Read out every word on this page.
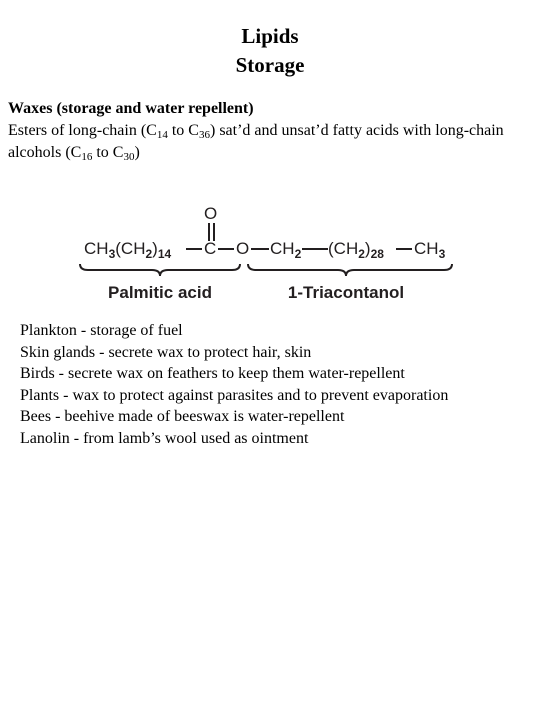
Lipids
Storage
Waxes (storage and water repellent)
Esters of long-chain ($C_{14}$ to $C_{36}$) sat’d and unsat’d fatty acids with long-chain alcohols ($C_{16}$ to $C_{30}$)
O
$CH_3(CH_2)_{14}$ C O $CH_2$ $(CH_2)_{28}$ $CH_3$
Palmitic acid	1-Triacontanol
Plankton - storage of fuel
Skin glands - secrete wax to protect hair, skin
Birds - secrete wax on feathers to keep them water-repellent
Plants - wax to protect against parasites and to prevent evaporation
Bees - beehive made of beeswax is water-repellent
Lanolin - from lamb’s wool used as ointment
